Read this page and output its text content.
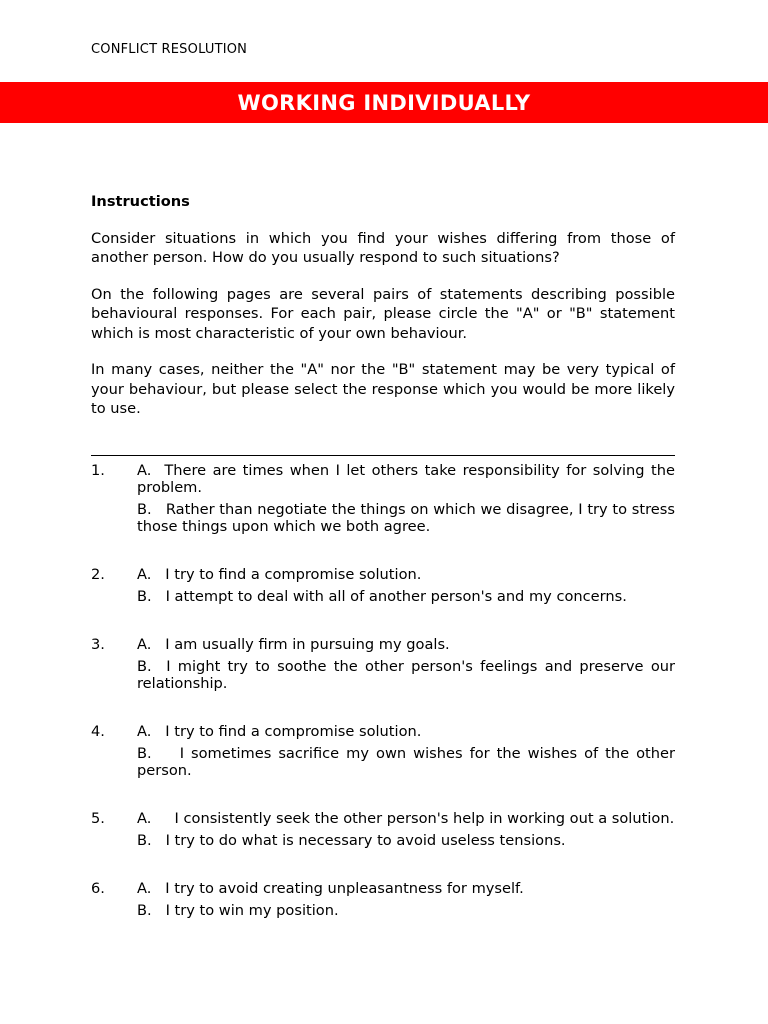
CONFLICT RESOLUTION
WORKING INDIVIDUALLY
Instructions

Consider situations in which you find your wishes differing from those of another person. How do you usually respond to such situations?

On the following pages are several pairs of statements describing possible behavioural responses. For each pair, please circle the "A" or "B" statement which is most characteristic of your own behaviour.

In many cases, neither the "A" nor the "B" statement may be very typical of your behaviour, but please select the response which you would be more likely to use.

1.	A.  There are times when I let others take responsibility for solving the   problem.
B.   Rather than negotiate the things on which we disagree, I try to stress those things upon which we both agree.
2.	A.   I try to find a compromise solution.
B.   I attempt to deal with all of another person's and my concerns.
3.	A.   I am usually firm in pursuing my goals.
B.  I might try to soothe the other person's feelings and preserve our relationship.
4.	A.   I try to find a compromise solution.
B.    I sometimes sacrifice my own wishes for the wishes of the other person.
5.	A.     I consistently seek the other person's help in working out a solution.
B.   I try to do what is necessary to avoid useless tensions.
6.	A.   I try to avoid creating unpleasantness for myself.
B.   I try to win my position.
